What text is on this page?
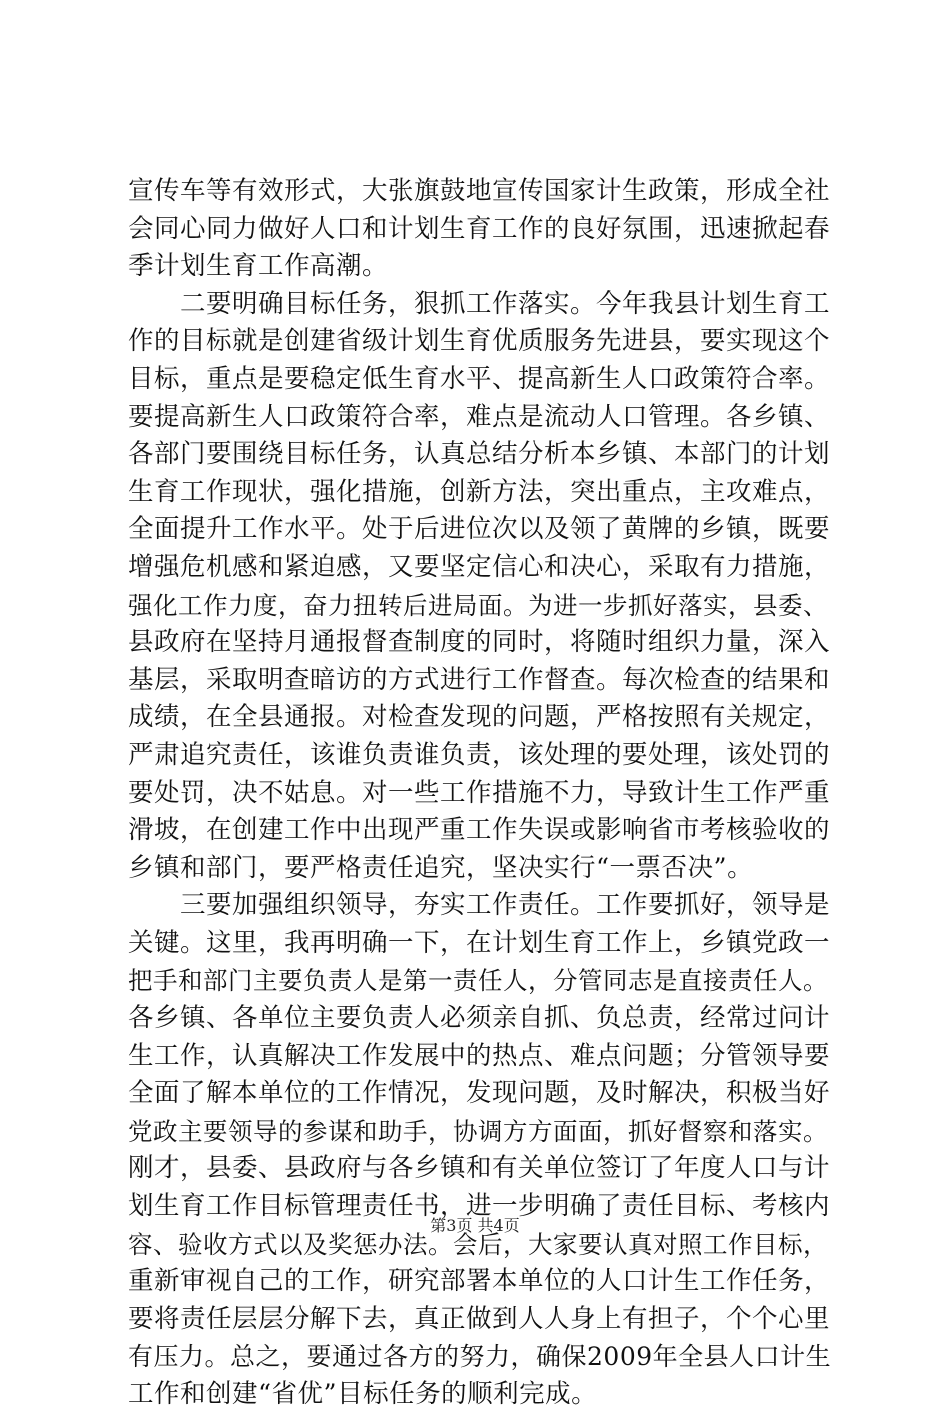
宣传车等有效形式，大张旗鼓地宣传国家计生政策，形成全社
会同心同力做好人口和计划生育工作的良好氛围，迅速掀起春
季计划生育工作高潮。
　　二要明确目标任务，狠抓工作落实。今年我县计划生育工
作的目标就是创建省级计划生育优质服务先进县，要实现这个
目标，重点是要稳定低生育水平、提高新生人口政策符合率。
要提高新生人口政策符合率，难点是流动人口管理。各乡镇、
各部门要围绕目标任务，认真总结分析本乡镇、本部门的计划
生育工作现状，强化措施，创新方法，突出重点，主攻难点，
全面提升工作水平。处于后进位次以及领了黄牌的乡镇，既要
增强危机感和紧迫感，又要坚定信心和决心，采取有力措施，
强化工作力度，奋力扭转后进局面。为进一步抓好落实，县委、
县政府在坚持月通报督查制度的同时，将随时组织力量，深入
基层，采取明查暗访的方式进行工作督查。每次检查的结果和
成绩，在全县通报。对检查发现的问题，严格按照有关规定，
严肃追究责任，该谁负责谁负责，该处理的要处理，该处罚的
要处罚，决不姑息。对一些工作措施不力，导致计生工作严重
滑坡，在创建工作中出现严重工作失误或影响省市考核验收的
乡镇和部门，要严格责任追究，坚决实行“一票否决”。
　　三要加强组织领导，夯实工作责任。工作要抓好，领导是
关键。这里，我再明确一下，在计划生育工作上，乡镇党政一
把手和部门主要负责人是第一责任人，分管同志是直接责任人。
各乡镇、各单位主要负责人必须亲自抓、负总责，经常过问计
生工作，认真解决工作发展中的热点、难点问题；分管领导要
全面了解本单位的工作情况，发现问题，及时解决，积极当好
党政主要领导的参谋和助手，协调方方面面，抓好督察和落实。
刚才，县委、县政府与各乡镇和有关单位签订了年度人口与计
划生育工作目标管理责任书，进一步明确了责任目标、考核内
容、验收方式以及奖惩办法。会后，大家要认真对照工作目标，
重新审视自己的工作，研究部署本单位的人口计生工作任务，
要将责任层层分解下去，真正做到人人身上有担子，个个心里
有压力。总之，要通过各方的努力，确保2009年全县人口计生
工作和创建“省优”目标任务的顺利完成。
第3页 共4页
